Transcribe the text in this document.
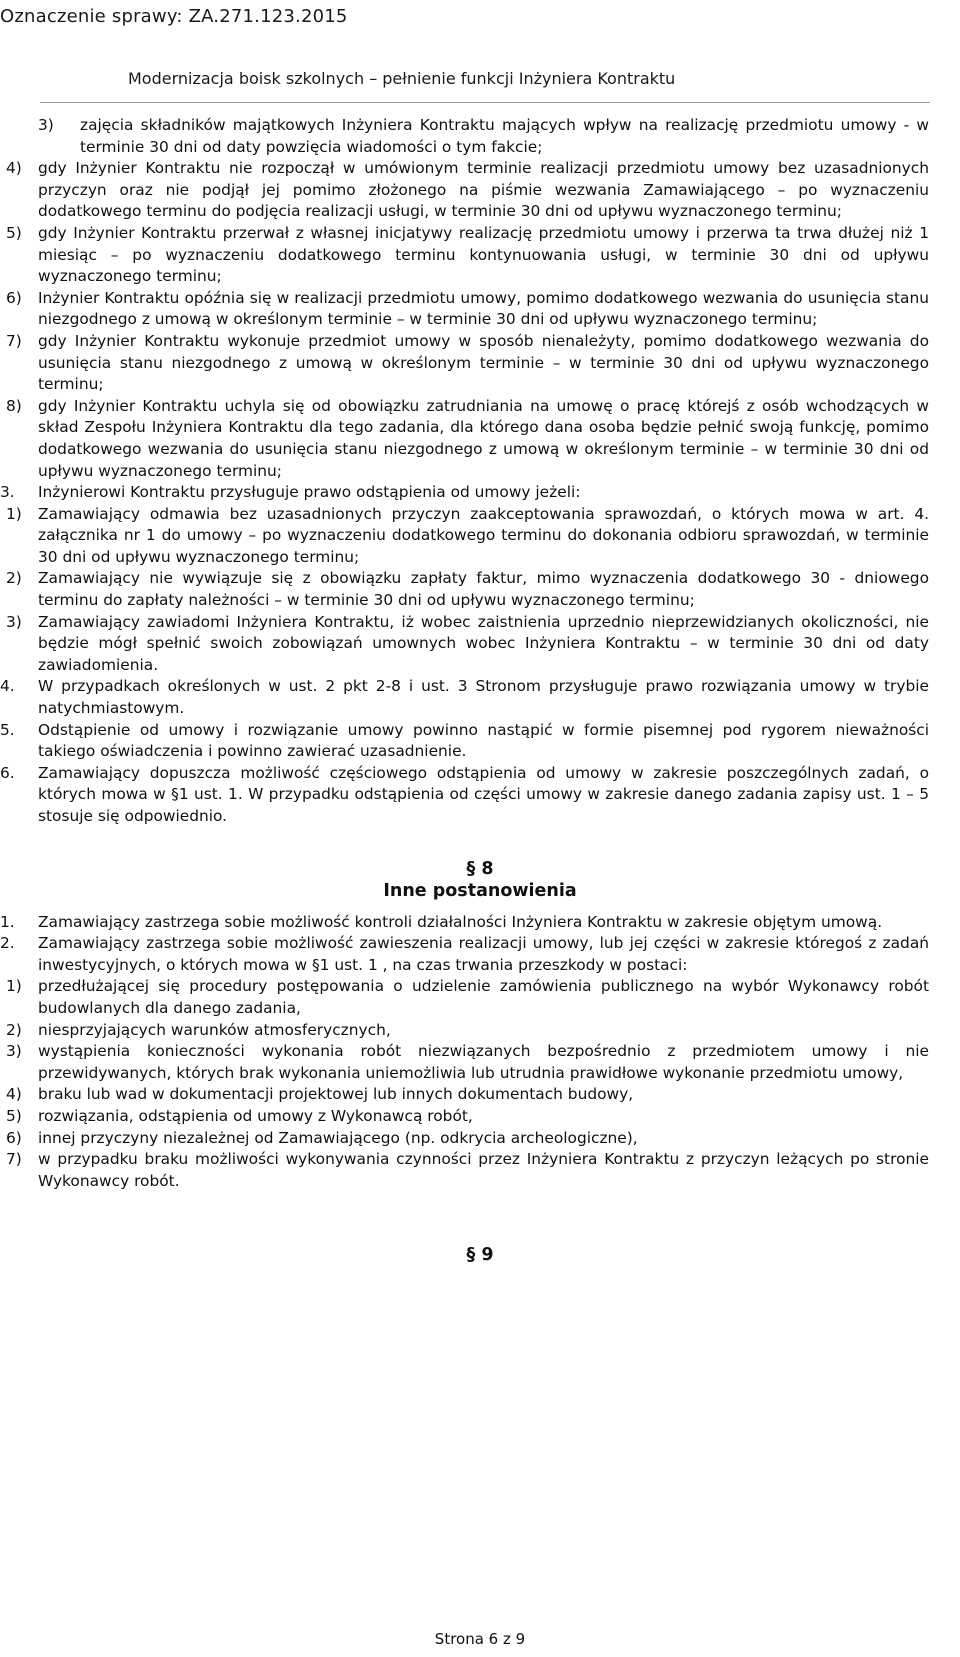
Oznaczenie sprawy: ZA.271.123.2015
Modernizacja boisk szkolnych – pełnienie funkcji Inżyniera Kontraktu
3) zajęcia składników majątkowych Inżyniera Kontraktu mających wpływ na realizację przedmiotu umowy - w terminie 30 dni od daty powzięcia wiadomości o tym fakcie;
4) gdy Inżynier Kontraktu nie rozpoczął w umówionym terminie realizacji przedmiotu umowy bez uzasadnionych przyczyn oraz nie podjął jej pomimo złożonego na piśmie wezwania Zamawiającego – po wyznaczeniu dodatkowego terminu do podjęcia realizacji usługi, w terminie 30 dni od upływu wyznaczonego terminu;
5) gdy Inżynier Kontraktu przerwał z własnej inicjatywy realizację przedmiotu umowy i przerwa ta trwa dłużej niż 1 miesiąc – po wyznaczeniu dodatkowego terminu kontynuowania usługi, w terminie 30 dni od upływu wyznaczonego terminu;
6) Inżynier Kontraktu opóźnia się w realizacji przedmiotu umowy, pomimo dodatkowego wezwania do usunięcia stanu niezgodnego z umową w określonym terminie – w terminie 30 dni od upływu wyznaczonego terminu;
7) gdy Inżynier Kontraktu wykonuje przedmiot umowy w sposób nienależyty, pomimo dodatkowego wezwania do usunięcia stanu niezgodnego z umową w określonym terminie – w terminie 30 dni od upływu wyznaczonego terminu;
8) gdy Inżynier Kontraktu uchyla się od obowiązku zatrudniania na umowę o pracę którejś z osób wchodzących w skład Zespołu Inżyniera Kontraktu dla tego zadania, dla którego dana osoba będzie pełnić swoją funkcję, pomimo dodatkowego wezwania do usunięcia stanu niezgodnego z umową w określonym terminie – w terminie 30 dni od upływu wyznaczonego terminu;
3. Inżynierowi Kontraktu przysługuje prawo odstąpienia od umowy jeżeli:
1) Zamawiający odmawia bez uzasadnionych przyczyn zaakceptowania sprawozdań, o których mowa w art. 4. załącznika nr 1 do umowy – po wyznaczeniu dodatkowego terminu do dokonania odbioru sprawozdań, w terminie 30 dni od upływu wyznaczonego terminu;
2) Zamawiający nie wywiązuje się z obowiązku zapłaty faktur, mimo wyznaczenia dodatkowego 30 - dniowego terminu do zapłaty należności – w terminie 30 dni od upływu wyznaczonego terminu;
3) Zamawiający zawiadomi Inżyniera Kontraktu, iż wobec zaistnienia uprzednio nieprzewidzianych okoliczności, nie będzie mógł spełnić swoich zobowiązań umownych wobec Inżyniera Kontraktu – w terminie 30 dni od daty zawiadomienia.
4. W przypadkach określonych w ust. 2 pkt 2-8 i ust. 3 Stronom przysługuje prawo rozwiązania umowy w trybie natychmiastowym.
5. Odstąpienie od umowy i rozwiązanie umowy powinno nastąpić w formie pisemnej pod rygorem nieważności takiego oświadczenia i powinno zawierać uzasadnienie.
6. Zamawiający dopuszcza możliwość częściowego odstąpienia od umowy w zakresie poszczególnych zadań, o których mowa w §1 ust. 1. W przypadku odstąpienia od części umowy w zakresie danego zadania zapisy ust. 1 – 5 stosuje się odpowiednio.
§ 8
Inne postanowienia
1. Zamawiający zastrzega sobie możliwość kontroli działalności Inżyniera Kontraktu w zakresie objętym umową.
2. Zamawiający zastrzega sobie możliwość zawieszenia realizacji umowy, lub jej części w zakresie któregoś z zadań inwestycyjnych, o których mowa w §1 ust. 1 , na czas trwania przeszkody w postaci:
1) przedłużającej się procedury postępowania o udzielenie zamówienia publicznego na wybór Wykonawcy robót budowlanych dla danego zadania,
2) niesprzyjających warunków atmosferycznych,
3) wystąpienia konieczności wykonania robót niezwiązanych bezpośrednio z przedmiotem umowy i nie przewidywanych, których brak wykonania uniemożliwia lub utrudnia prawidłowe wykonanie przedmiotu umowy,
4) braku lub wad w dokumentacji projektowej lub innych dokumentach budowy,
5) rozwiązania, odstąpienia od umowy z Wykonawcą robót,
6) innej przyczyny niezależnej od Zamawiającego (np. odkrycia archeologiczne),
7) w przypadku braku możliwości wykonywania czynności przez Inżyniera Kontraktu z przyczyn leżących po stronie Wykonawcy robót.
§ 9
Strona 6 z 9
